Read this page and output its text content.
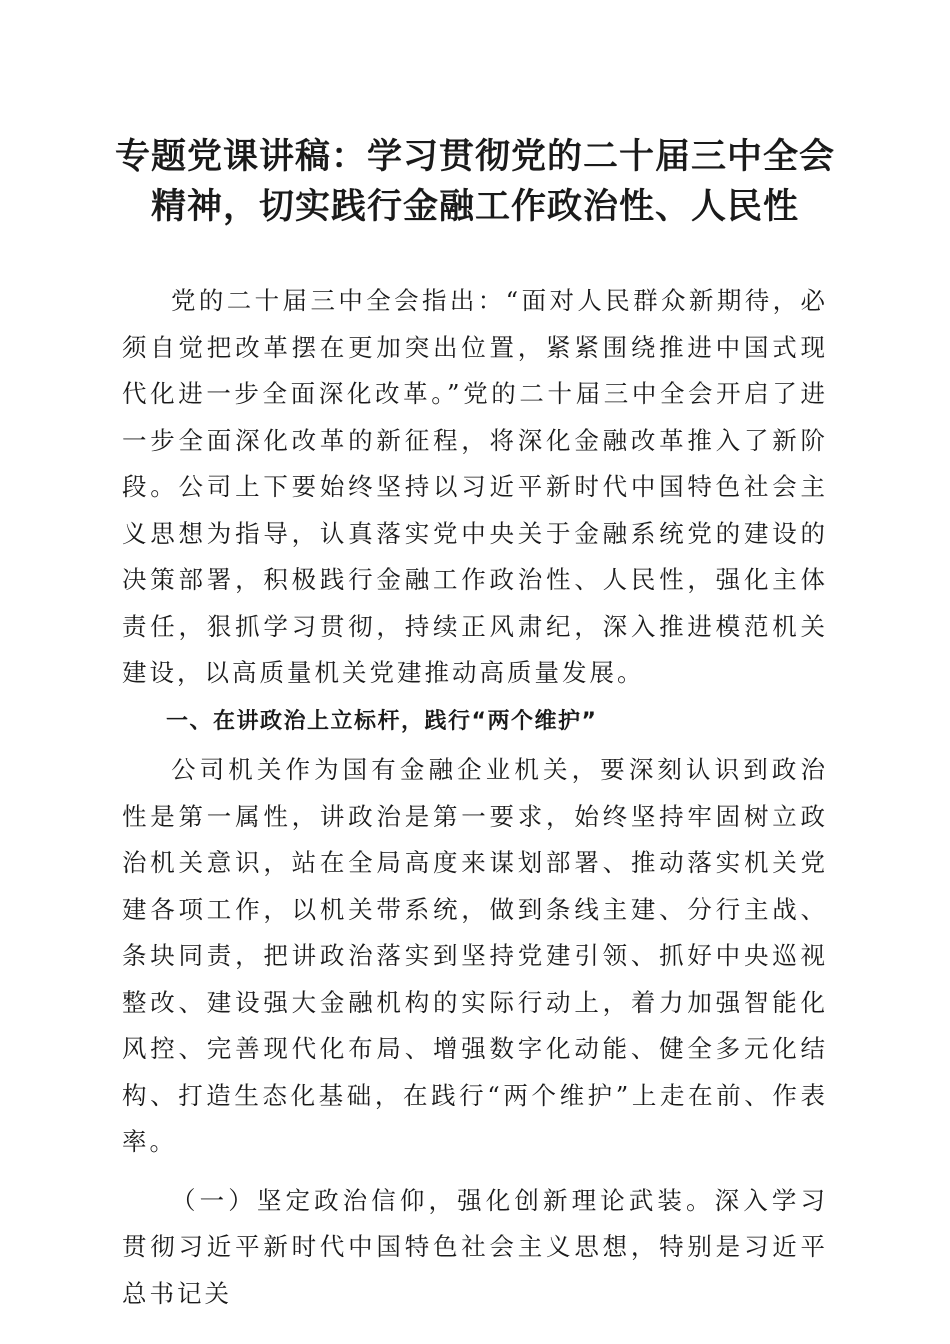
专题党课讲稿：学习贯彻党的二十届三中全会
精神，切实践行金融工作政治性、人民性

党的二十届三中全会指出：“面对人民群众新期待，必须自觉把改革摆在更加突出位置，紧紧围绕推进中国式现代化进一步全面深化改革。”党的二十届三中全会开启了进一步全面深化改革的新征程，将深化金融改革推入了新阶段。公司上下要始终坚持以习近平新时代中国特色社会主义思想为指导，认真落实党中央关于金融系统党的建设的决策部署，积极践行金融工作政治性、人民性，强化主体责任，狠抓学习贯彻，持续正风肃纪，深入推进模范机关建设，以高质量机关党建推动高质量发展。

一、在讲政治上立标杆，践行“两个维护”

公司机关作为国有金融企业机关，要深刻认识到政治性是第一属性，讲政治是第一要求，始终坚持牢固树立政治机关意识，站在全局高度来谋划部署、推动落实机关党建各项工作，以机关带系统，做到条线主建、分行主战、条块同责，把讲政治落实到坚持党建引领、抓好中央巡视整改、建设强大金融机构的实际行动上，着力加强智能化风控、完善现代化布局、增强数字化动能、健全多元化结构、打造生态化基础，在践行“两个维护”上走在前、作表率。

（一）坚定政治信仰，强化创新理论武装。深入学习贯彻习近平新时代中国特色社会主义思想，特别是习近平总书记关
